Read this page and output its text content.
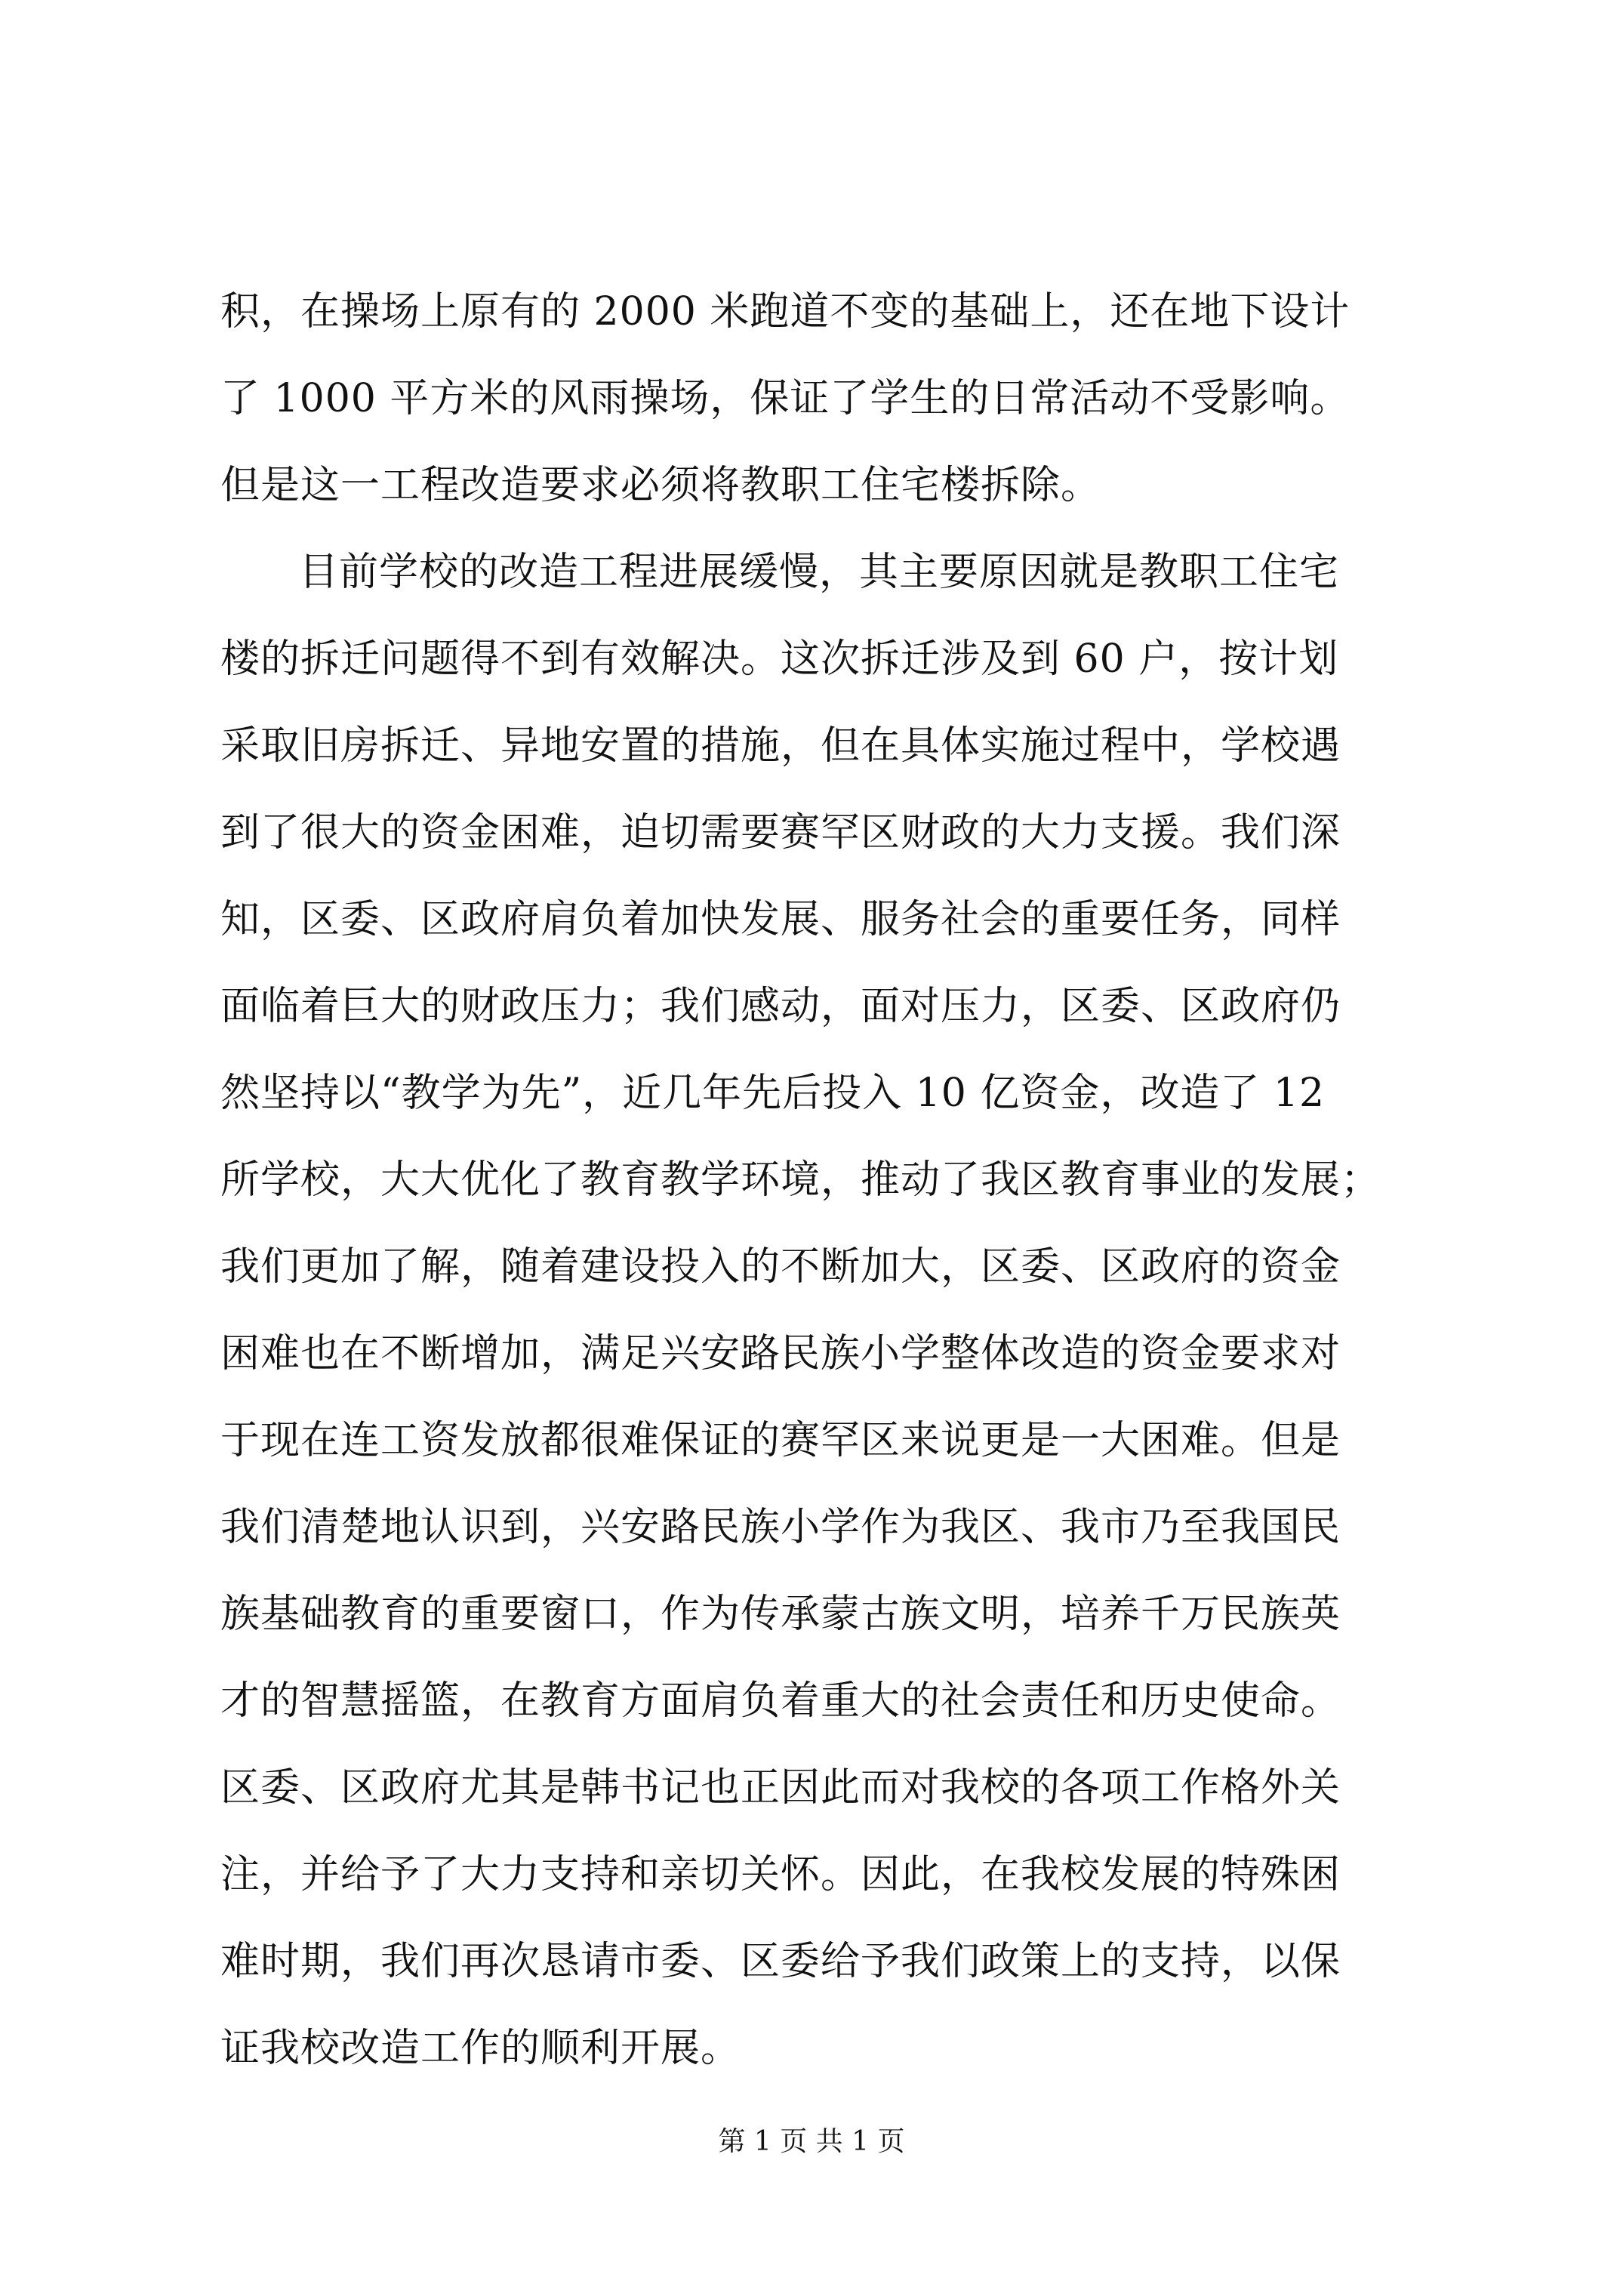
积，在操场上原有的 2000 米跑道不变的基础上，还在地下设计
了 1000 平方米的风雨操场，保证了学生的日常活动不受影响。
但是这一工程改造要求必须将教职工住宅楼拆除。
目前学校的改造工程进展缓慢，其主要原因就是教职工住宅
楼的拆迁问题得不到有效解决。这次拆迁涉及到 60 户，按计划
采取旧房拆迁、异地安置的措施，但在具体实施过程中，学校遇
到了很大的资金困难，迫切需要赛罕区财政的大力支援。我们深
知，区委、区政府肩负着加快发展、服务社会的重要任务，同样
面临着巨大的财政压力；我们感动，面对压力，区委、区政府仍
然坚持以“教学为先”，近几年先后投入 10 亿资金，改造了 12
所学校，大大优化了教育教学环境，推动了我区教育事业的发展；
我们更加了解，随着建设投入的不断加大，区委、区政府的资金
困难也在不断增加，满足兴安路民族小学整体改造的资金要求对
于现在连工资发放都很难保证的赛罕区来说更是一大困难。但是
我们清楚地认识到，兴安路民族小学作为我区、我市乃至我国民
族基础教育的重要窗口，作为传承蒙古族文明，培养千万民族英
才的智慧摇篮，在教育方面肩负着重大的社会责任和历史使命。
区委、区政府尤其是韩书记也正因此而对我校的各项工作格外关
注，并给予了大力支持和亲切关怀。因此，在我校发展的特殊困
难时期，我们再次恳请市委、区委给予我们政策上的支持，以保
证我校改造工作的顺利开展。
第 1 页 共 1 页
